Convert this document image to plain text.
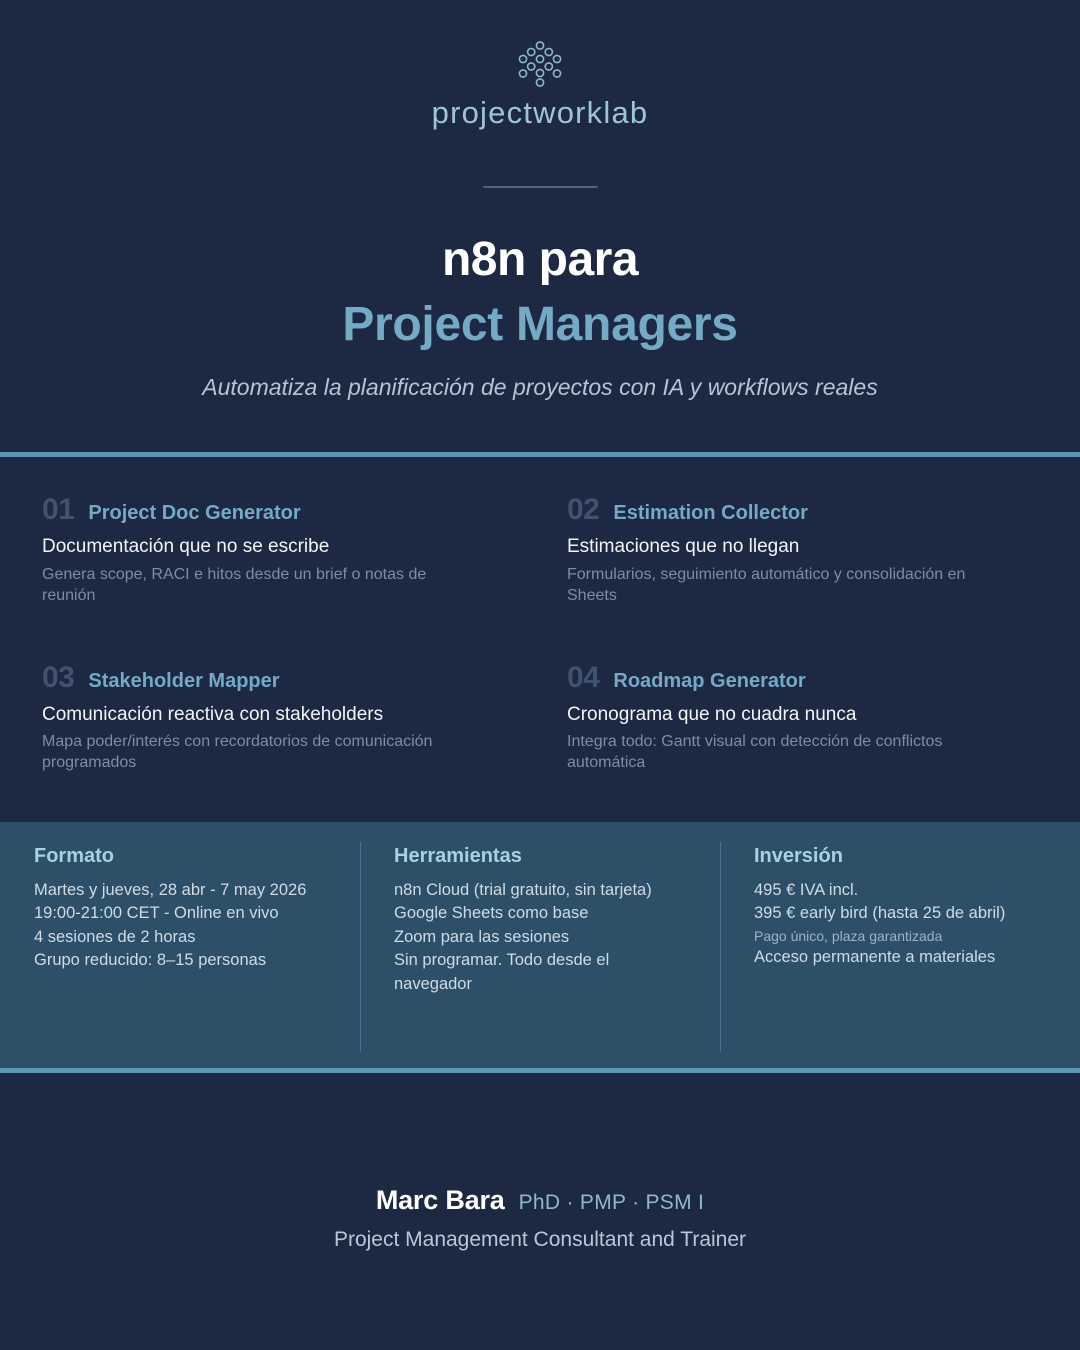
projectworklab
n8n para
Project Managers
Automatiza la planificación de proyectos con IA y workflows reales
01 Project Doc Generator
Documentación que no se escribe
Genera scope, RACI e hitos desde un brief o notas de reunión
02 Estimation Collector
Estimaciones que no llegan
Formularios, seguimiento automático y consolidación en Sheets
03 Stakeholder Mapper
Comunicación reactiva con stakeholders
Mapa poder/interés con recordatorios de comunicación programados
04 Roadmap Generator
Cronograma que no cuadra nunca
Integra todo: Gantt visual con detección de conflictos automática
Formato
Martes y jueves, 28 abr - 7 may 2026
19:00-21:00 CET - Online en vivo
4 sesiones de 2 horas
Grupo reducido: 8–15 personas
Herramientas
n8n Cloud (trial gratuito, sin tarjeta)
Google Sheets como base
Zoom para las sesiones
Sin programar. Todo desde el navegador
Inversión
495 € IVA incl.
395 € early bird (hasta 25 de abril)
Pago único, plaza garantizada
Acceso permanente a materiales
Marc Bara PhD · PMP · PSM I
Project Management Consultant and Trainer
